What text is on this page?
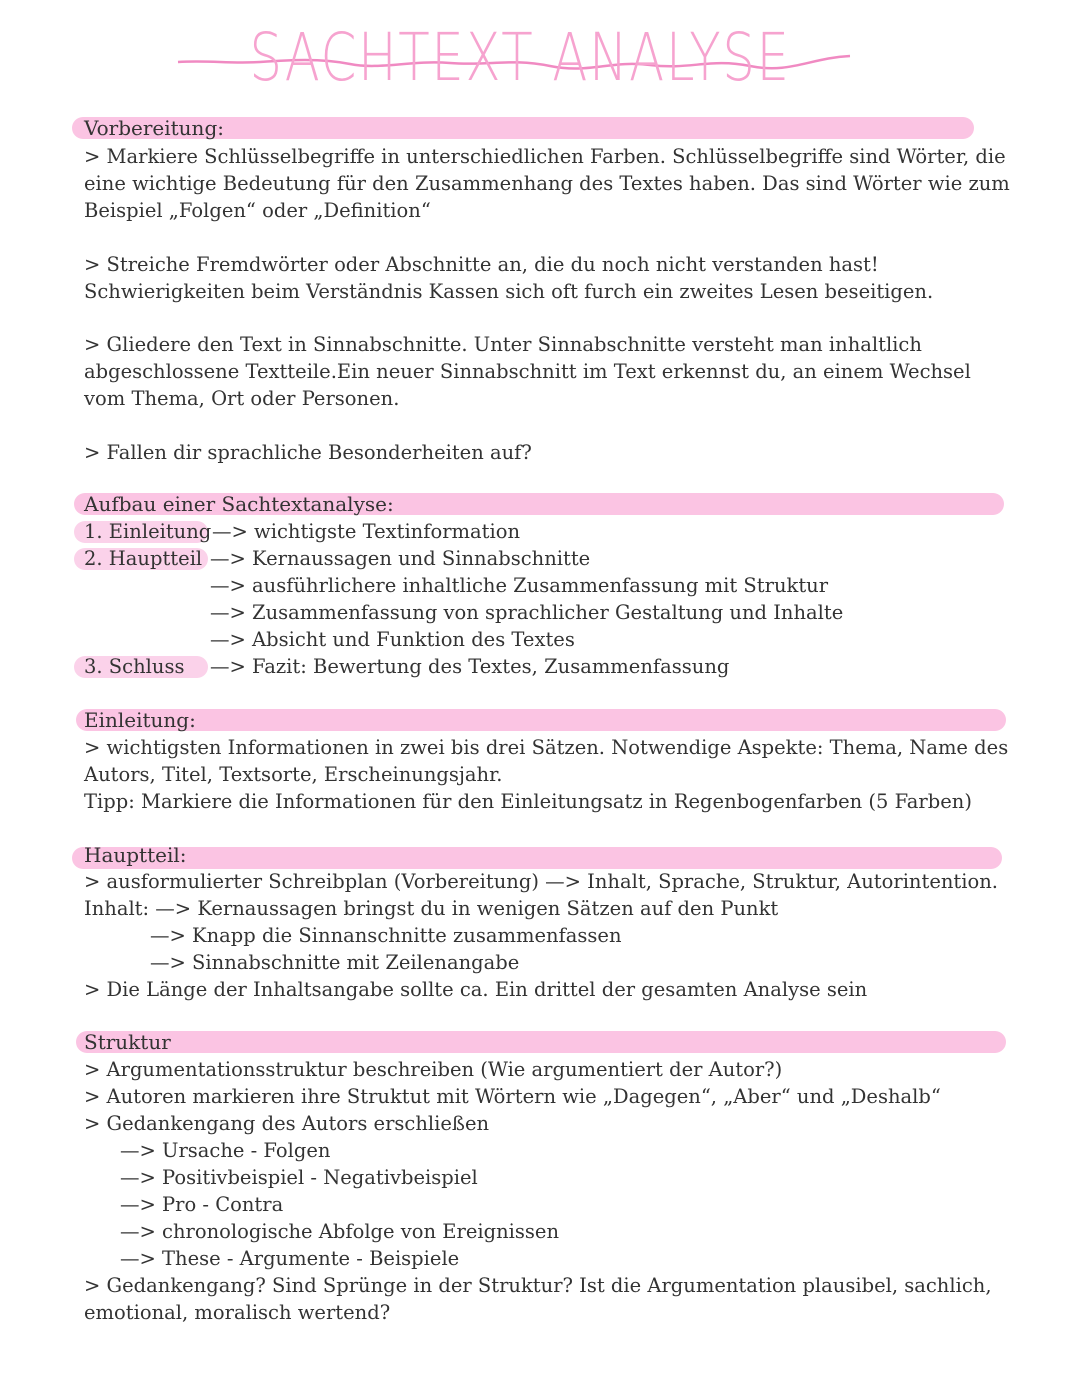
SACHTEXT ANALYSE
Vorbereitung:
> Markiere Schlüsselbegriffe in unterschiedlichen Farben. Schlüsselbegriffe sind Wörter, die
eine wichtige Bedeutung für den Zusammenhang des Textes haben. Das sind Wörter wie zum
Beispiel „Folgen“ oder „Definition“
> Streiche Fremdwörter oder Abschnitte an, die du noch nicht verstanden hast!
Schwierigkeiten beim Verständnis Kassen sich oft furch ein zweites Lesen beseitigen.
> Gliedere den Text in Sinnabschnitte. Unter Sinnabschnitte versteht man inhaltlich
abgeschlossene Textteile.Ein neuer Sinnabschnitt im Text erkennst du, an einem Wechsel
vom Thema, Ort oder Personen.
> Fallen dir sprachliche Besonderheiten auf?
Aufbau einer Sachtextanalyse:
1. Einleitung —> wichtigste Textinformation
2. Hauptteil —> Kernaussagen und Sinnabschnitte
—> ausführlichere inhaltliche Zusammenfassung mit Struktur
—> Zusammenfassung von sprachlicher Gestaltung und Inhalte
—> Absicht und Funktion des Textes
3. Schluss —> Fazit: Bewertung des Textes, Zusammenfassung
Einleitung:
> wichtigsten Informationen in zwei bis drei Sätzen. Notwendige Aspekte: Thema, Name des
Autors, Titel, Textsorte, Erscheinungsjahr.
Tipp: Markiere die Informationen für den Einleitungsatz in Regenbogenfarben (5 Farben)
Hauptteil:
> ausformulierter Schreibplan (Vorbereitung) —> Inhalt, Sprache, Struktur, Autorintention.
Inhalt: —> Kernaussagen bringst du in wenigen Sätzen auf den Punkt
—> Knapp die Sinnanschnitte zusammenfassen
—> Sinnabschnitte mit Zeilenangabe
> Die Länge der Inhaltsangabe sollte ca. Ein drittel der gesamten Analyse sein
Struktur
> Argumentationsstruktur beschreiben (Wie argumentiert der Autor?)
> Autoren markieren ihre Struktut mit Wörtern wie „Dagegen“, „Aber“ und „Deshalb“
> Gedankengang des Autors erschließen
—> Ursache - Folgen
—> Positivbeispiel - Negativbeispiel
—> Pro - Contra
—> chronologische Abfolge von Ereignissen
—> These - Argumente - Beispiele
> Gedankengang? Sind Sprünge in der Struktur? Ist die Argumentation plausibel, sachlich,
emotional, moralisch wertend?
